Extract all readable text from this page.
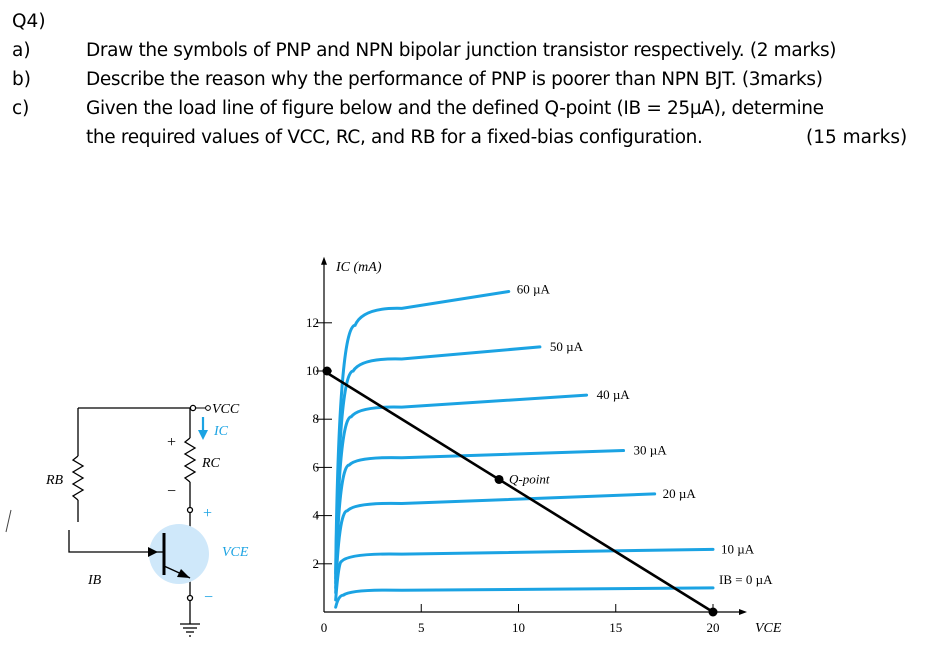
Q4)
a)	Draw the symbols of PNP and NPN bipolar junction transistor respectively. (2 marks)
b)	Describe the reason why the performance of PNP is poorer than NPN BJT. (3marks)
c)	Given the load line of figure below and the defined Q-point (IB = 25µA), determine
the required values of VCC, RC, and RB for a fixed-bias configuration.	(15 marks)
+
−
+
−
VCC
IC
RC
RB
VCE
IB
0	5	10	15	20
2
4
6
8
10
12
IC (mA)
VCE
IB = 0 µA
10 µA
20 µA
30 µA
40 µA
50 µA
60 µA
Q-point
